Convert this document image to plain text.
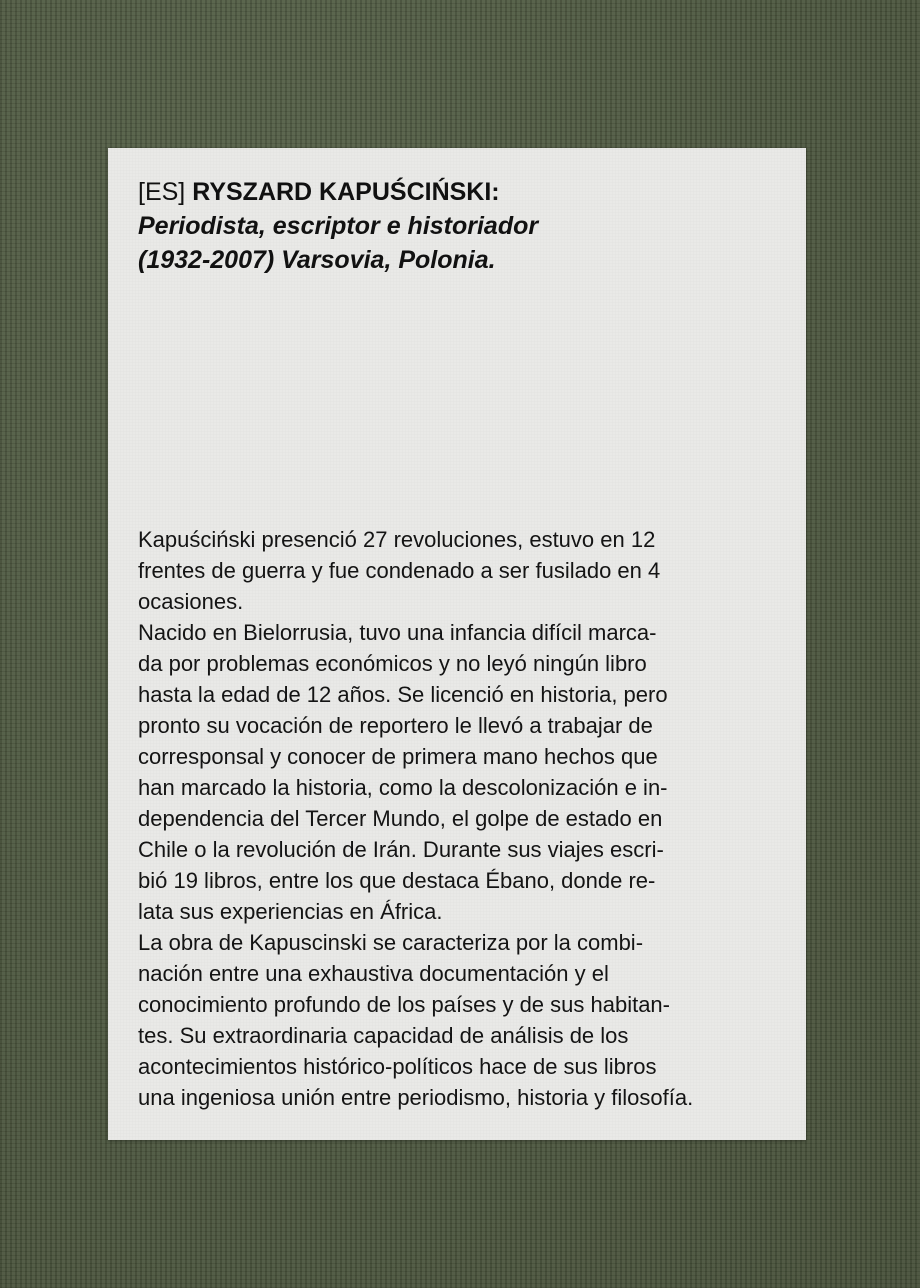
[ES] RYSZARD KAPUŚCIŃSKI:
Periodista, escriptor e historiador
(1932-2007) Varsovia, Polonia.

Kapuściński presenció 27 revoluciones, estuvo en 12

frentes de guerra y fue condenado a ser fusilado en 4

ocasiones.

Nacido en Bielorrusia, tuvo una infancia difícil marca-

da por problemas económicos y no leyó ningún libro

hasta la edad de 12 años. Se licenció en historia, pero

pronto su vocación de reportero le llevó a trabajar de

corresponsal y conocer de primera mano hechos que

han marcado la historia, como la descolonización e in-

dependencia del Tercer Mundo, el golpe de estado en

Chile o la revolución de Irán. Durante sus viajes escri-

bió 19 libros, entre los que destaca Ébano, donde re-

lata sus experiencias en África.

La obra de Kapuscinski se caracteriza por la combi-

nación entre una exhaustiva documentación y el

conocimiento profundo de los países y de sus habitan-

tes. Su extraordinaria capacidad de análisis de los

acontecimientos histórico-políticos hace de sus libros

una ingeniosa unión entre periodismo, historia y filosofía.
